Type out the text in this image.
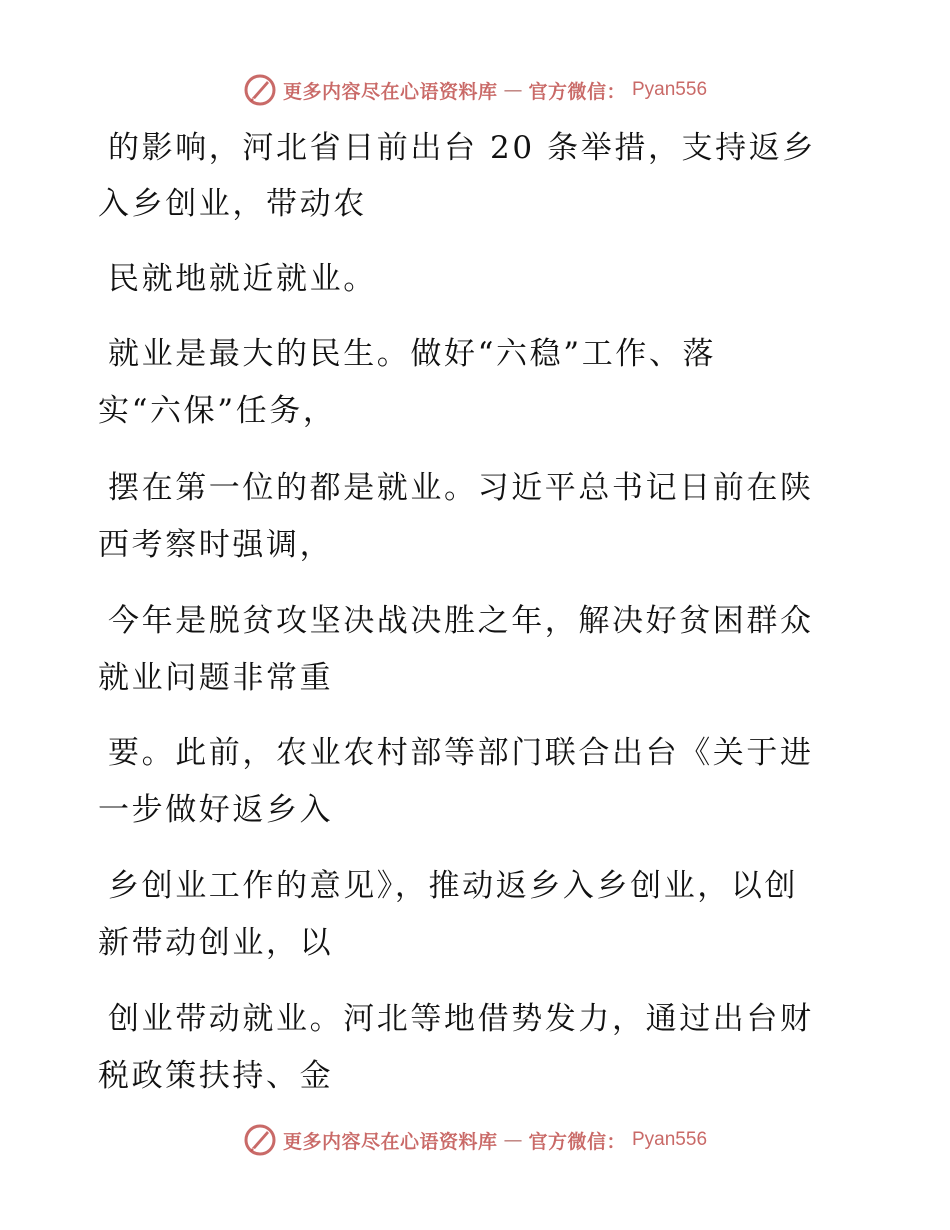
更多内容尽在心语资料库 — 官方微信： Pyan556
的影响，河北省日前出台 20 条举措，支持返乡
入乡创业，带动农
民就地就近就业。
就业是最大的民生。做好“六稳”工作、落
实“六保”任务，
摆在第一位的都是就业。习近平总书记日前在陕
西考察时强调，
今年是脱贫攻坚决战决胜之年，解决好贫困群众
就业问题非常重
要。此前，农业农村部等部门联合出台《关于进
一步做好返乡入
乡创业工作的意见》，推动返乡入乡创业，以创
新带动创业，以
创业带动就业。河北等地借势发力，通过出台财
税政策扶持、金
更多内容尽在心语资料库 — 官方微信： Pyan556
